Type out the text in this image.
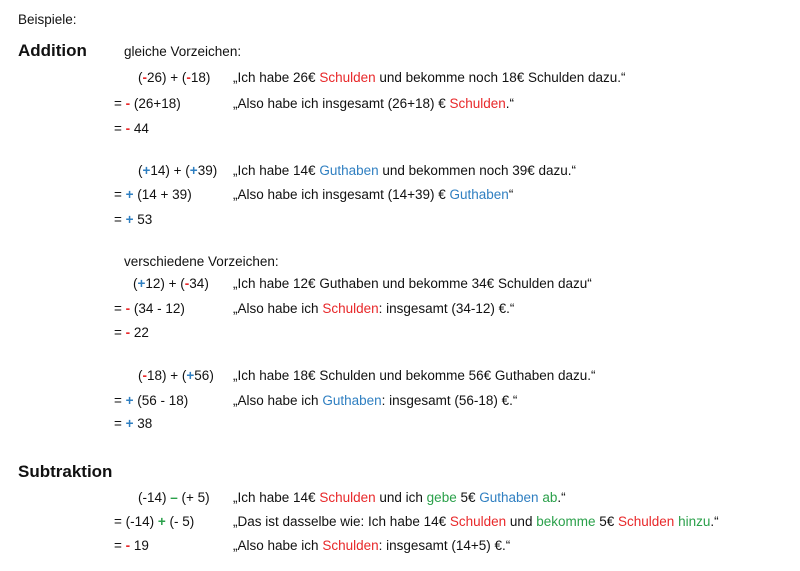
Beispiele:
Addition	gleiche Vorzeichen:
(-26) + (-18) „Ich habe 26€ Schulden und bekomme noch 18€ Schulden dazu.“
= - (26+18)	„Also habe ich insgesamt (26+18) € Schulden.“
= - 44
(+14) + (+39) „Ich habe 14€ Guthaben und bekommen noch 39€ dazu.“
= + (14 + 39)	„Also habe ich insgesamt (14+39) € Guthaben“
= + 53
verschiedene Vorzeichen:
(+12) + (-34) „Ich habe 12€ Guthaben und bekomme 34€ Schulden dazu“
= - (34 - 12)	„Also habe ich Schulden: insgesamt (34-12) €.“
= - 22
(-18) + (+56) „Ich habe 18€ Schulden und bekomme 56€ Guthaben dazu.“
= + (56 - 18)	„Also habe ich Guthaben: insgesamt (56-18) €.“
= + 38
Subtraktion
(-14) – (+ 5) „Ich habe 14€ Schulden und ich gebe 5€ Guthaben ab.“
= (-14) + (- 5)	„Das ist dasselbe wie: Ich habe 14€ Schulden und bekomme 5€ Schulden hinzu.“
= - 19	„Also habe ich Schulden: insgesamt (14+5) €.“
